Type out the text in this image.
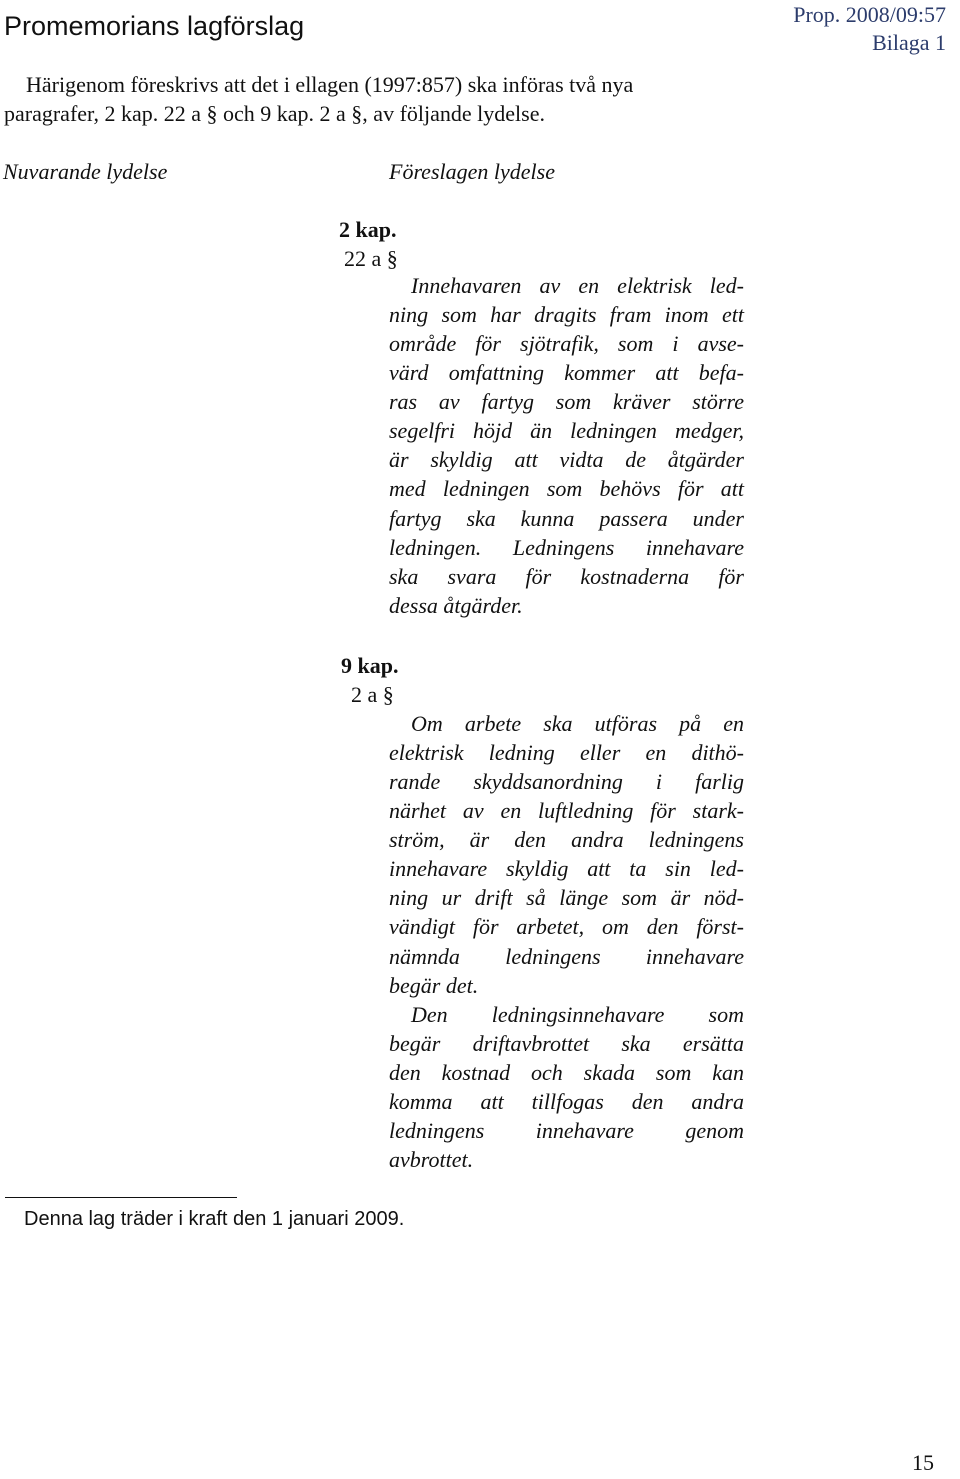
Promemorians lagförslag	Prop. 2008/09:57
Bilaga 1
Härigenom föreskrivs att det i ellagen (1997:857) ska införas två nya
paragrafer, 2 kap. 22 a § och 9 kap. 2 a §, av följande lydelse.
Nuvarande lydelse	Föreslagen lydelse
2 kap.
22 a §
Innehavaren av en elektrisk led-
ning som har dragits fram inom ett
område för sjötrafik, som i avse-
värd omfattning kommer att befa-
ras av fartyg som kräver större
segelfri höjd än ledningen medger,
är skyldig att vidta de åtgärder
med ledningen som behövs för att
fartyg ska kunna passera under
ledningen. Ledningens innehavare
ska svara för kostnaderna för
dessa åtgärder.
9 kap.
2 a §
Om arbete ska utföras på en
elektrisk ledning eller en dithö-
rande skyddsanordning i farlig
närhet av en luftledning för stark-
ström, är den andra ledningens
innehavare skyldig att ta sin led-
ning ur drift så länge som är nöd-
vändigt för arbetet, om den först-
nämnda ledningens innehavare
begär det.
Den ledningsinnehavare som
begär driftavbrottet ska ersätta
den kostnad och skada som kan
komma att tillfogas den andra
ledningens innehavare genom
avbrottet.
Denna lag träder i kraft den 1 januari 2009.
15
